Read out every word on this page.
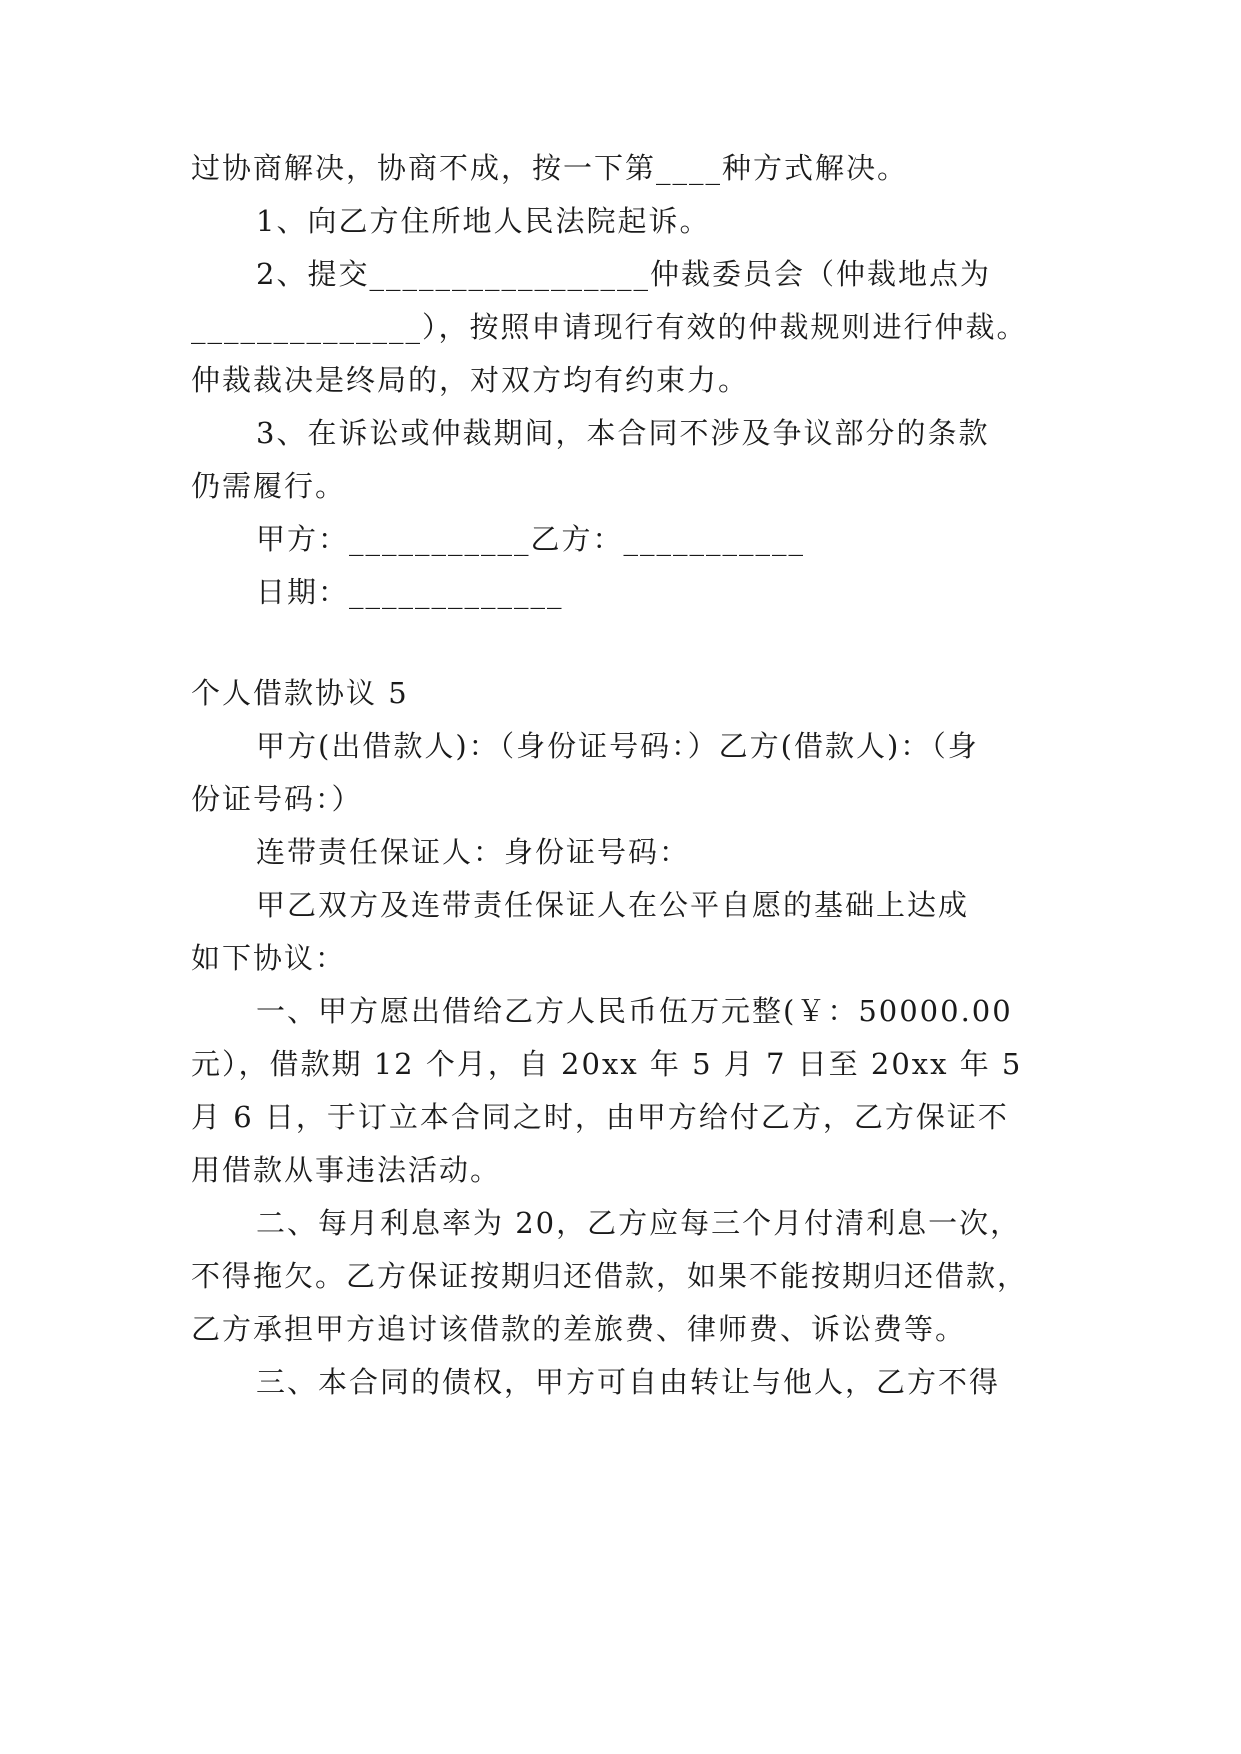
过协商解决，协商不成，按一下第____种方式解决。
1、向乙方住所地人民法院起诉。
2、提交_________________仲裁委员会（仲裁地点为
______________），按照申请现行有效的仲裁规则进行仲裁。
仲裁裁决是终局的，对双方均有约束力。
3、在诉讼或仲裁期间，本合同不涉及争议部分的条款
仍需履行。
甲方：___________乙方：___________
日期：_____________
个人借款协议 5
甲方(出借款人)：（身份证号码：）乙方(借款人)：（身
份证号码：）
连带责任保证人：身份证号码：
甲乙双方及连带责任保证人在公平自愿的基础上达成
如下协议：
一、甲方愿出借给乙方人民币伍万元整(￥：50000.00
元），借款期 12 个月，自 20xx 年 5 月 7 日至 20xx 年 5
月 6 日，于订立本合同之时，由甲方给付乙方，乙方保证不
用借款从事违法活动。
二、每月利息率为 20，乙方应每三个月付清利息一次，
不得拖欠。乙方保证按期归还借款，如果不能按期归还借款，
乙方承担甲方追讨该借款的差旅费、律师费、诉讼费等。
三、本合同的债权，甲方可自由转让与他人，乙方不得
